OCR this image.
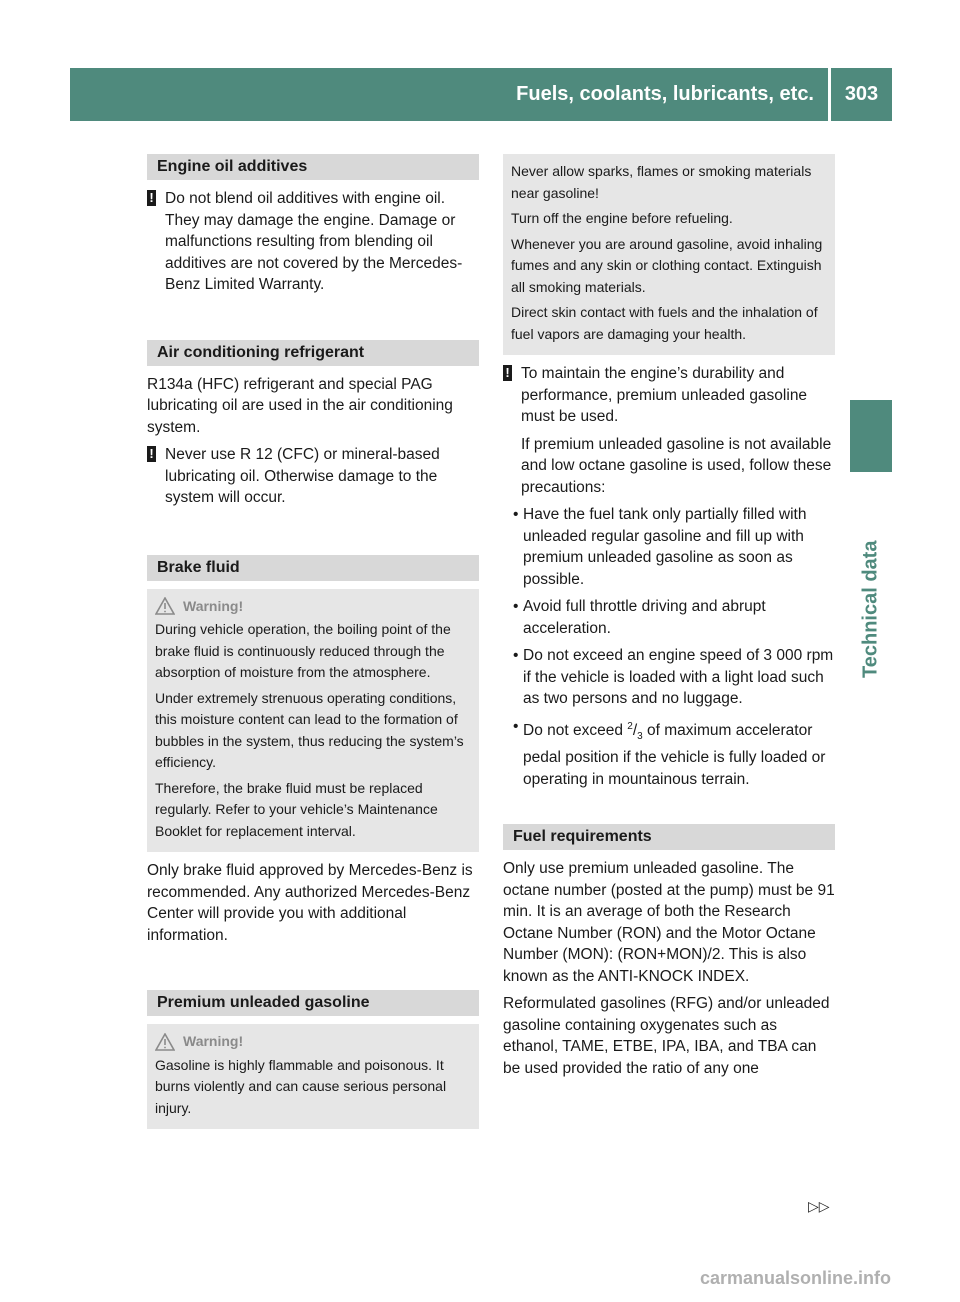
Fuels, coolants, lubricants, etc.	303
Technical data
Engine oil additives
! Do not blend oil additives with engine oil. They may damage the engine. Damage or malfunctions resulting from blending oil additives are not covered by the Mercedes-Benz Limited Warranty.
Air conditioning refrigerant

R134a (HFC) refrigerant and special PAG lubricating oil are used in the air conditioning system.

! Never use R 12 (CFC) or mineral-based lubricating oil. Otherwise damage to the system will occur.
Brake fluid
Warning!

During vehicle operation, the boiling point of the brake fluid is continuously reduced through the absorption of moisture from the atmosphere.

Under extremely strenuous operating conditions, this moisture content can lead to the formation of bubbles in the system, thus reducing the system’s efficiency.

Therefore, the brake fluid must be replaced regularly. Refer to your vehicle’s Maintenance Booklet for replacement interval.

Only brake fluid approved by Mercedes-Benz is recommended. Any authorized Mercedes-Benz Center will provide you with additional information.

Premium unleaded gasoline
Warning!

Gasoline is highly flammable and poisonous. It burns violently and can cause serious personal injury.

Never allow sparks, flames or smoking materials near gasoline!

Turn off the engine before refueling.

Whenever you are around gasoline, avoid inhaling fumes and any skin or clothing contact. Extinguish all smoking materials.

Direct skin contact with fuels and the inhalation of fuel vapors are damaging your health.

! To maintain the engine’s durability and performance, premium unleaded gasoline must be used.

If premium unleaded gasoline is not available and low octane gasoline is used, follow these precautions:

• Have the fuel tank only partially filled with unleaded regular gasoline and fill up with premium unleaded gasoline as soon as possible.
• Avoid full throttle driving and abrupt acceleration.
• Do not exceed an engine speed of 3 000 rpm if the vehicle is loaded with a light load such as two persons and no luggage.
• Do not exceed $^2/_3$ of maximum accelerator pedal position if the vehicle is fully loaded or operating in mountainous terrain.
Fuel requirements

Only use premium unleaded gasoline. The octane number (posted at the pump) must be 91 min. It is an average of both the Research Octane Number (RON) and the Motor Octane Number (MON): (RON+MON)/2. This is also known as the ANTI-KNOCK INDEX.

Reformulated gasolines (RFG) and/or unleaded gasoline containing oxygenates such as ethanol, TAME, ETBE, IPA, IBA, and TBA can be used provided the ratio of any one

▷▷
carmanualsonline.info
